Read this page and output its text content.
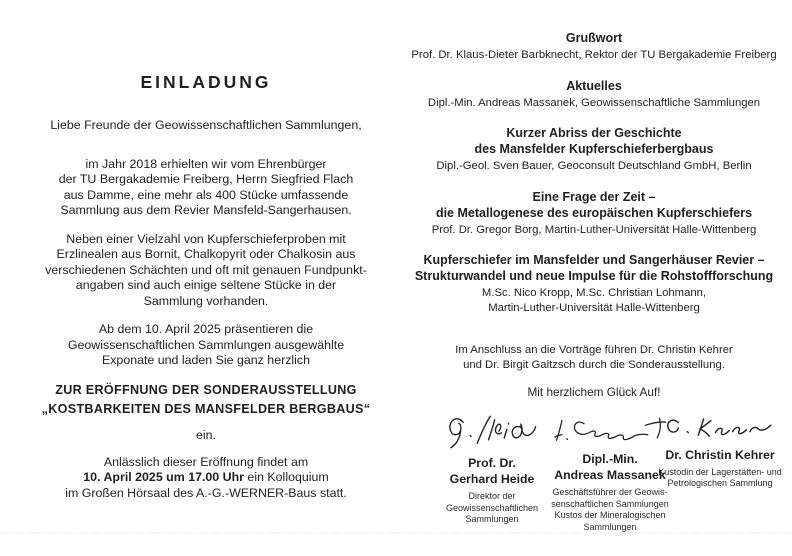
EINLADUNG
Liebe Freunde der Geowissenschaftlichen Sammlungen,
im Jahr 2018 erhielten wir vom Ehrenbürger
der TU Bergakademie Freiberg, Herrn Siegfried Flach
aus Damme, eine mehr als 400 Stücke umfassende
Sammlung aus dem Revier Mansfeld-Sangerhausen.
Neben einer Vielzahl von Kupferschieferproben mit
Erzlinealen aus Bornit, Chalkopyrit oder Chalkosin aus
verschiedenen Schächten und oft mit genauen Fundpunkt-
angaben sind auch einige seltene Stücke in der
Sammlung vorhanden.
Ab dem 10. April 2025 präsentieren die
Geowissenschaftlichen Sammlungen ausgewählte
Exponate und laden Sie ganz herzlich
ZUR ERÖFFNUNG DER SONDERAUSSTELLUNG
„KOSTBARKEITEN DES MANSFELDER BERGBAUS“
ein.
Anlässlich dieser Eröffnung findet am
10. April 2025 um 17.00 Uhr ein Kolloquium
im Großen Hörsaal des A.-G.-WERNER-Baus statt.
Grußwort
Prof. Dr. Klaus-Dieter Barbknecht, Rektor der TU Bergakademie Freiberg
Aktuelles
Dipl.-Min. Andreas Massanek, Geowissenschaftliche Sammlungen
Kurzer Abriss der Geschichte
des Mansfelder Kupferschieferbergbaus
Dipl.-Geol. Sven Bauer, Geoconsult Deutschland GmbH, Berlin
Eine Frage der Zeit –
die Metallogenese des europäischen Kupferschiefers
Prof. Dr. Gregor Borg, Martin-Luther-Universität Halle-Wittenberg
Kupferschiefer im Mansfelder und Sangerhäuser Revier –
Strukturwandel und neue Impulse für die Rohstoffforschung
M.Sc. Nico Kropp, M.Sc. Christian Lohmann,
Martin-Luther-Universität Halle-Wittenberg
Im Anschluss an die Vorträge führen Dr. Christin Kehrer
und Dr. Birgit Gaitzsch durch die Sonderausstellung.
Mit herzlichem Glück Auf!
Prof. Dr.
Gerhard Heide
Direktor der
Geowissenschaftlichen
Sammlungen
Dipl.-Min.
Andreas Massanek
Geschäftsführer der Geowis-
senschaftlichen Sammlungen
Kustos der Mineralogischen
Sammlungen
Dr. Christin Kehrer
Kustodin der Lagerstätten- und
Petrologischen Sammlung
